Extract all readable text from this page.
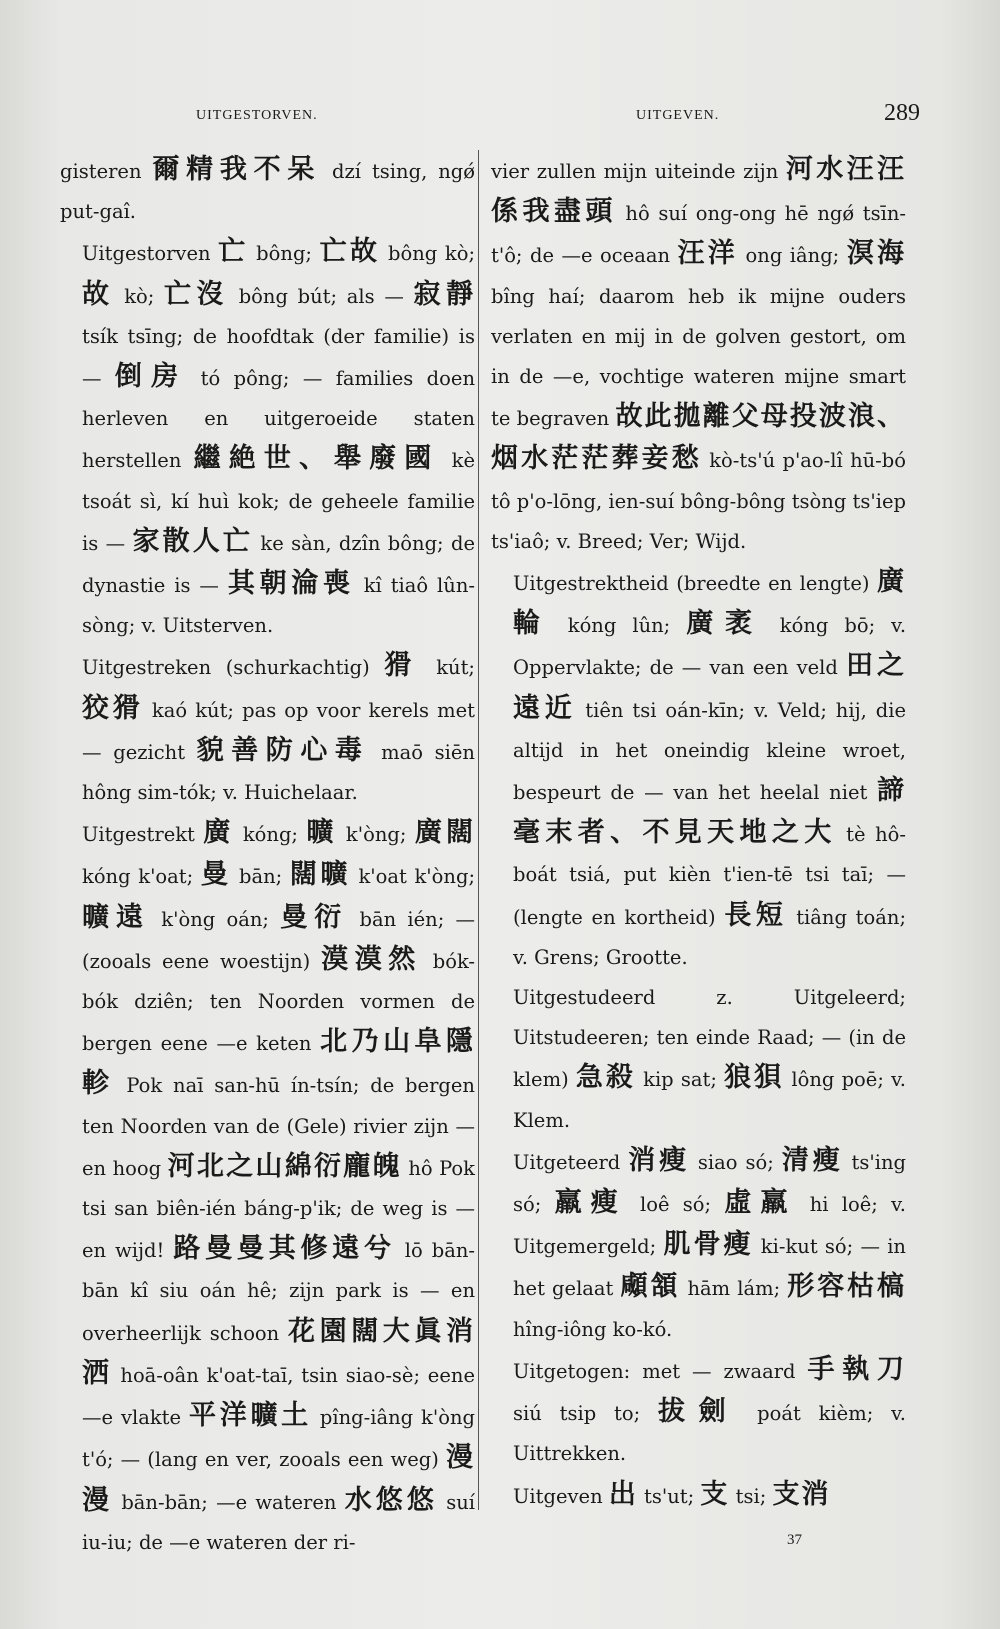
UITGESTORVEN.	UITGEVEN.	289

gisteren 爾精我不呆 dzí tsing, ngǿ put-gaî.

Uitgestorven 亡 bông; 亡故 bông kò; 故 kò; 亡沒 bông bút; als — 寂靜 tsík tsīng; de hoofdtak (der familie) is — 倒房 tó pông; — families doen herleven en uitgeroeide staten herstellen 繼絶世、舉廢國 kè tsoát sì, kí huì kok; de geheele familie is — 家散人亡 ke sàn, dzîn bông; de dynastie is — 其朝淪喪 kî tiaô lûn-sòng; v. Uitsterven.

Uitgestreken (schurkachtig) 猾 kút; 狡猾 kaó kút; pas op voor kerels met — gezicht 貌善防心毒 maō siēn hông sim-tók; v. Huichelaar.

Uitgestrekt 廣 kóng; 曠 k'òng; 廣闊 kóng k'oat; 曼 bān; 闊曠 k'oat k'òng; 曠遠 k'òng oán; 曼衍 bān ién; — (zooals eene woestijn) 漠漠然 bók-bók dziên; ten Noorden vormen de bergen eene —e keten 北乃山阜隱軫 Pok naī san-hū ín-tsín; de bergen ten Noorden van de (Gele) rivier zijn — en hoog 河北之山綿衍龐魄 hô Pok tsi san biên-ién báng-p'ik; de weg is — en wijd! 路曼曼其修遠兮 lō bān-bān kî siu oán hê; zijn park is — en overheerlijk schoon 花園闊大眞消洒 hoā-oân k'oat-taī, tsin siao-sè; eene —e vlakte 平洋曠土 pîng-iâng k'òng t'ó; — (lang en ver, zooals een weg) 漫漫 bān-bān; —e wateren 水悠悠 suí iu-iu; de —e wateren der ri-

vier zullen mijn uiteinde zijn 河水汪汪係我盡頭 hô suí ong-ong hē ngǿ tsīn-t'ô; de —e oceaan 汪洋 ong iâng; 溟海 bîng haí; daarom heb ik mijne ouders verlaten en mij in de golven gestort, om in de —e, vochtige wateren mijne smart te begraven 故此拋離父母投波浪、烟水茫茫葬妾愁 kò-ts'ú p'ao-lî hū-bó tô p'o-lōng, ien-suí bông-bông tsòng ts'iep ts'iaô; v. Breed; Ver; Wijd.

Uitgestrektheid (breedte en lengte) 廣輪 kóng lûn; 廣袤 kóng bō; v. Oppervlakte; de — van een veld 田之遠近 tiên tsi oán-kīn; v. Veld; hij, die altijd in het oneindig kleine wroet, bespeurt de — van het heelal niet 諦毫末者、不見天地之大 tè hô-boát tsiá, put kièn t'ien-tē tsi taī; — (lengte en kortheid) 長短 tiâng toán; v. Grens; Grootte.

Uitgestudeerd z. Uitgeleerd; Uitstudeeren; ten einde Raad; — (in de klem) 急殺 kip sat; 狼狽 lông poē; v. Klem.

Uitgeteerd 消瘦 siao só; 清瘦 ts'ing só; 羸瘦 loê só; 虛羸 hi loê; v. Uitgemergeld; 肌骨瘦 ki-kut só; — in het gelaat 顑頷 hām lám; 形容枯槁 hîng-iông ko-kó.

Uitgetogen: met — zwaard 手執刀 siú tsip to; 拔劍 poát kièm; v. Uittrekken.

Uitgeven 出 ts'ut; 支 tsi; 支消

37
